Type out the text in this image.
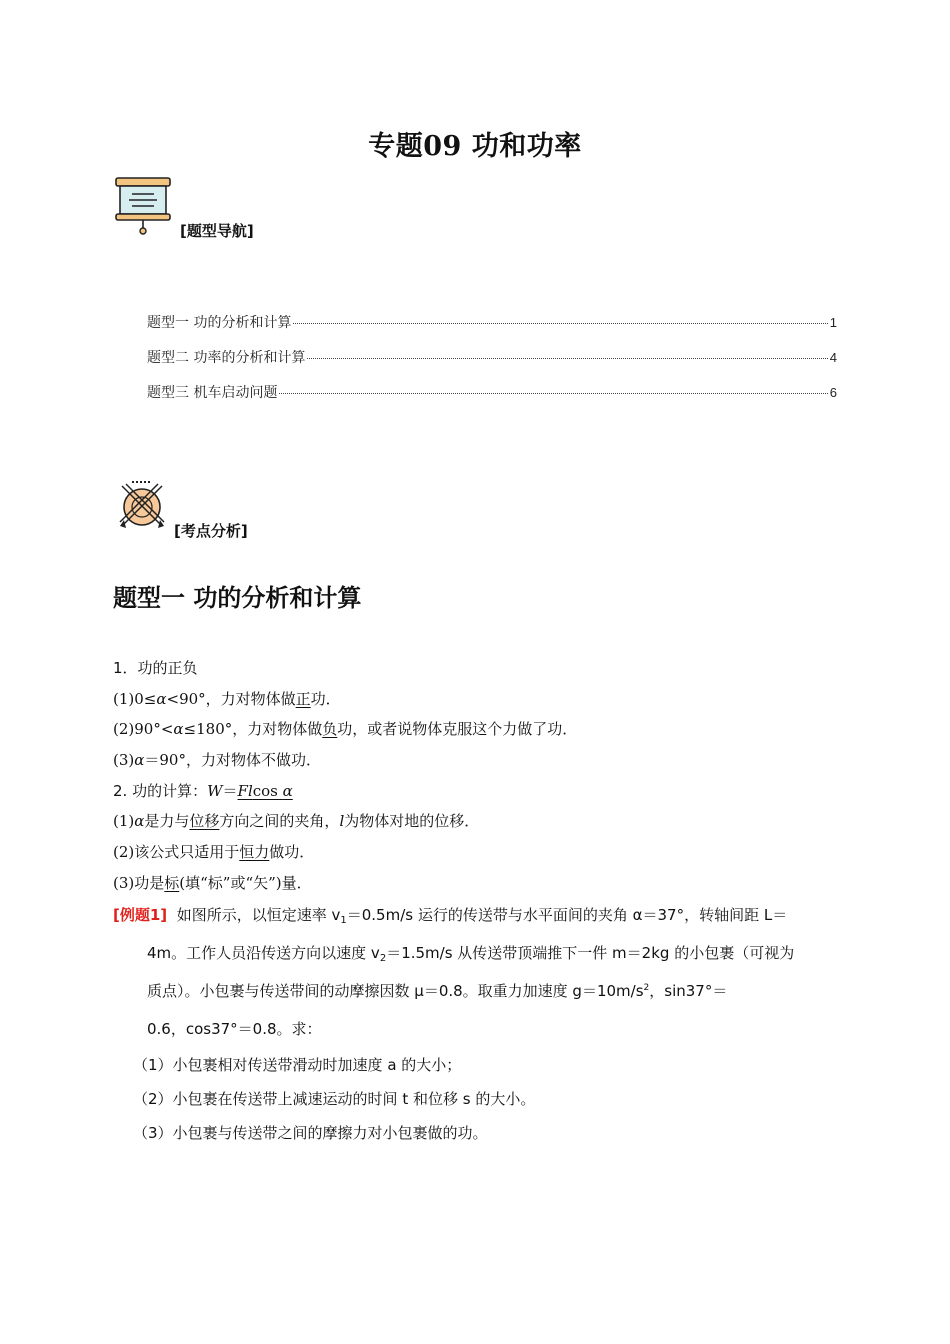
专题09 功和功率
[题型导航]
题型一 功的分析和计算	1
题型二 功率的分析和计算	4
题型三 机车启动问题	6
[考点分析]
题型一 功的分析和计算
1．功的正负
(1)0≤α<90°，力对物体做正功．
(2)90°<α≤180°，力对物体做负功，或者说物体克服这个力做了功．
(3)α＝90°，力对物体不做功．
2. 功的计算：W＝Flcos α
(1)α是力与位移方向之间的夹角，l为物体对地的位移．
(2)该公式只适用于恒力做功．
(3)功是标(填“标”或“矢”)量．
[例题1] 如图所示，以恒定速率 $v_1=0.5m/s$ 运行的传送带与水平面间的夹角 α＝37°，转轴间距 L＝
4m。工作人员沿传送方向以速度 $v_2=1.5m/s$ 从传送带顶端推下一件 m＝2kg 的小包裹（可视为
质点）。小包裹与传送带间的动摩擦因数 μ＝0.8。取重力加速度 $g=10m/s^2$，sin37°＝
0.6，cos37°＝0.8。求：
（1）小包裹相对传送带滑动时加速度 a 的大小；
（2）小包裹在传送带上减速运动的时间 t 和位移 s 的大小。
（3）小包裹与传送带之间的摩擦力对小包裹做的功。
